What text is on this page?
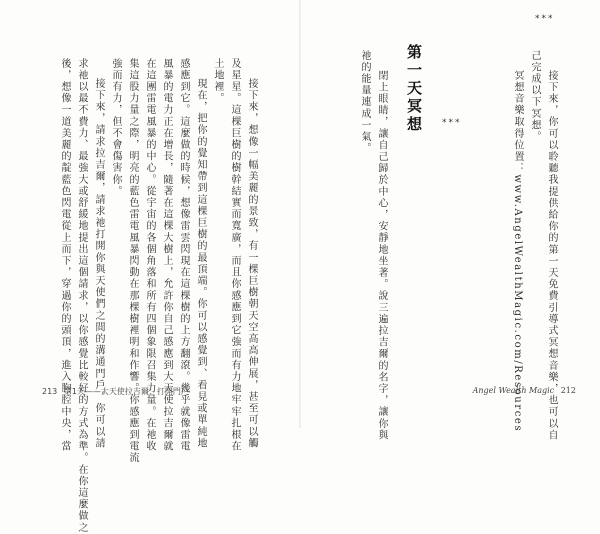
接下來，想像一幅美麗的景致，有一棵巨樹朝天空高高伸展，甚至可以觸

及星星。這棵巨樹的樹幹結實而寬廣，而且你感應到它強而有力地牢牢扎根在

土地裡。

現在，把你的覺知帶到這棵巨樹的最頂端。你可以感覺到、看見或單純地

感應到它。這麼做的時候，想像雷雲閃現在這棵樹的上方翻滾。幾乎就像雷電

風暴的電力正在增長，隨著在這棵大樹上，允許你自己感應到大天使拉吉爾就

在這團雷電風暴的中心。從宇宙的各個角落和所有四個象限召集力量。在祂收

集這股力量之際，明亮的藍色雷電風暴閃動在那棵樹裡明和作響。你感應到電流

強而有力，但不會傷害你。

接下來，請求拉吉爾，請求祂打開你與天使們之間的溝通門戶。你可以請

求祂以最不費力、最強大或舒緩地提出這個請求，以你感覺比較好的方式為準。在你這麼做之

後，想像一道美麗的靛藍色閃電從上而下，穿過你的頭頂，進入胸腔中央，當

213 第1天——大天使拉吉爾：打開門戶	接下來，你可以聆聽我提供給你的第一天免費引導式冥想音樂，也可以自

己完成以下冥想。

冥想音樂取得位置：www.AngelWealthMagic.com/Resources

***
***
第一天冥想

閉上眼睛，讓自己歸於中心，安靜地坐著。說三遍拉吉爾的名字，讓你與

祂的能量連成一氣。

Angel Wealth Magic 212
